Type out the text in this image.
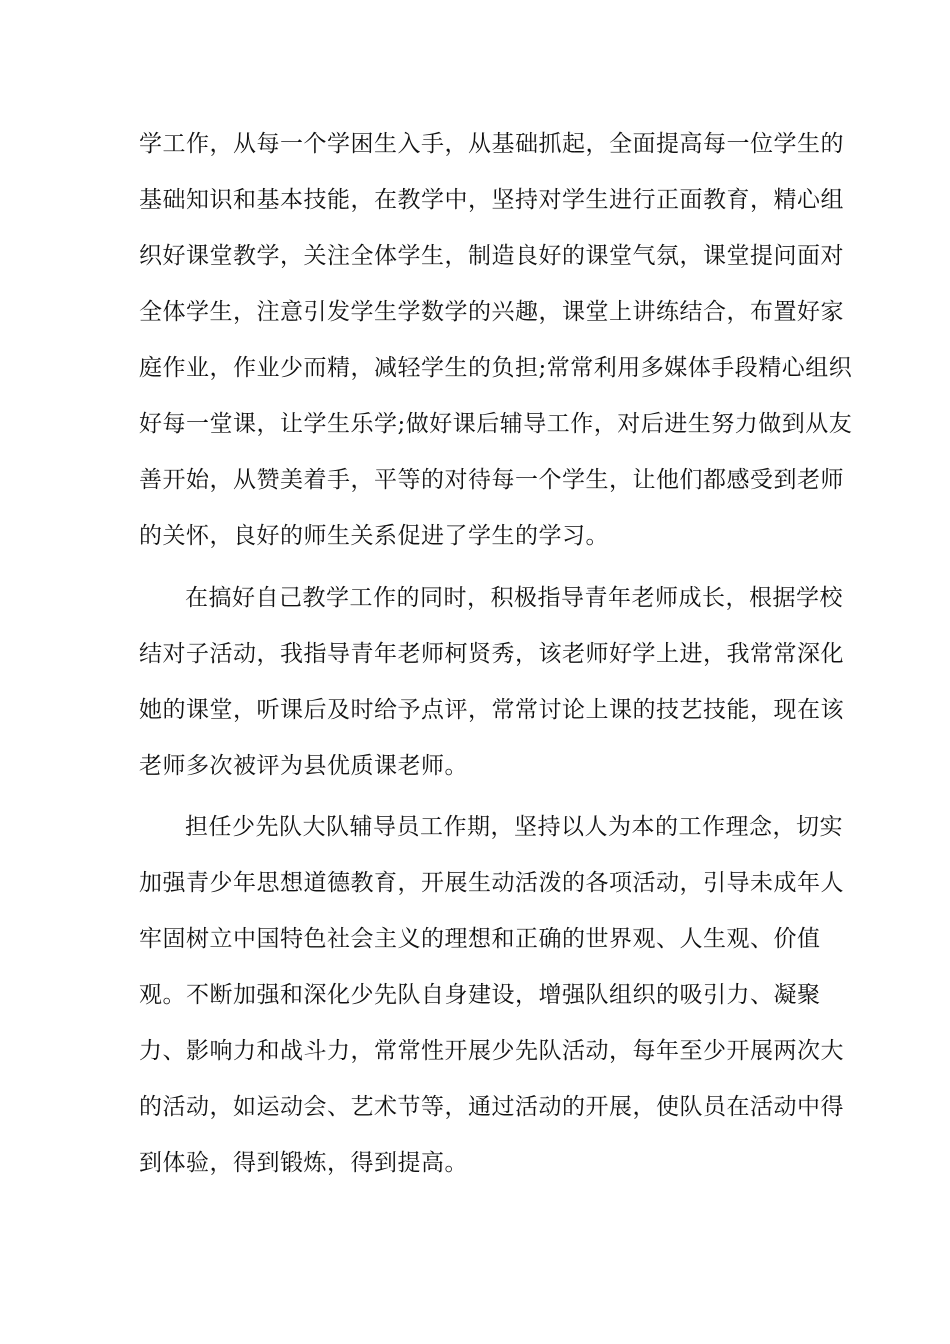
学工作，从每一个学困生入手，从基础抓起，全面提高每一位学生的
基础知识和基本技能，在教学中，坚持对学生进行正面教育，精心组
织好课堂教学，关注全体学生，制造良好的课堂气氛，课堂提问面对
全体学生，注意引发学生学数学的兴趣，课堂上讲练结合，布置好家
庭作业，作业少而精，减轻学生的负担;常常利用多媒体手段精心组织
好每一堂课，让学生乐学;做好课后辅导工作，对后进生努力做到从友
善开始，从赞美着手，平等的对待每一个学生，让他们都感受到老师
的关怀，良好的师生关系促进了学生的学习。
在搞好自己教学工作的同时，积极指导青年老师成长，根据学校
结对子活动，我指导青年老师柯贤秀，该老师好学上进，我常常深化
她的课堂，听课后及时给予点评，常常讨论上课的技艺技能，现在该
老师多次被评为县优质课老师。
担任少先队大队辅导员工作期，坚持以人为本的工作理念，切实
加强青少年思想道德教育，开展生动活泼的各项活动，引导未成年人
牢固树立中国特色社会主义的理想和正确的世界观、人生观、价值
观。不断加强和深化少先队自身建设，增强队组织的吸引力、凝聚
力、影响力和战斗力，常常性开展少先队活动，每年至少开展两次大
的活动，如运动会、艺术节等，通过活动的开展，使队员在活动中得
到体验，得到锻炼，得到提高。
